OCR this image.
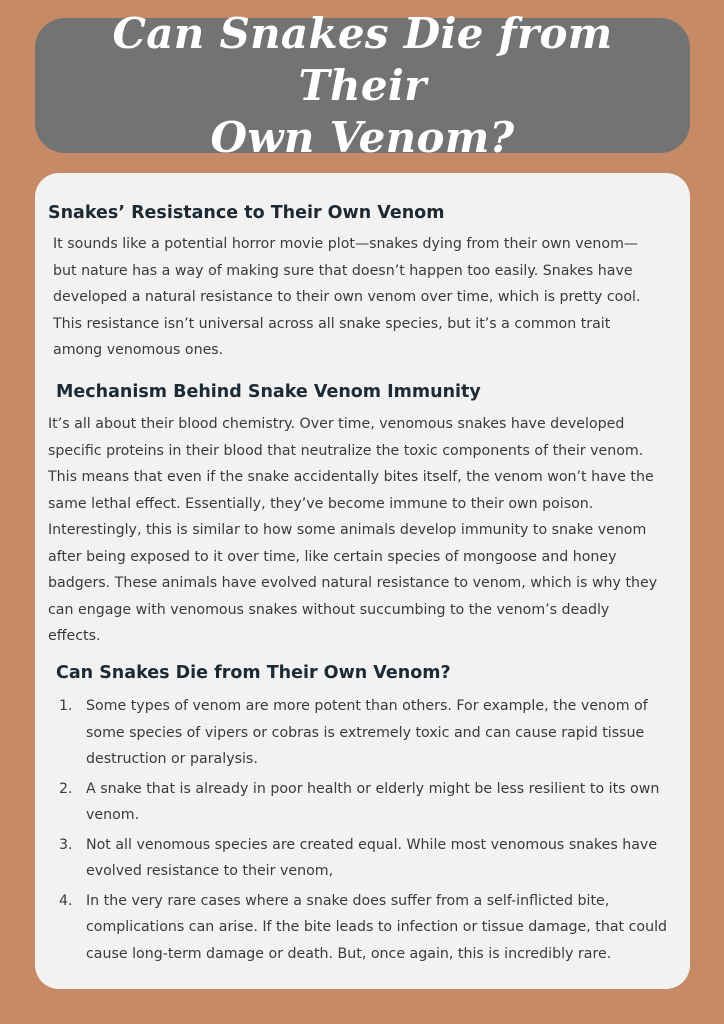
Can Snakes Die from Their
Own Venom?
Snakes’ Resistance to Their Own Venom

It sounds like a potential horror movie plot—snakes dying from their own venom—
but nature has a way of making sure that doesn’t happen too easily. Snakes have
developed a natural resistance to their own venom over time, which is pretty cool.
This resistance isn’t universal across all snake species, but it’s a common trait
among venomous ones.

Mechanism Behind Snake Venom Immunity

It’s all about their blood chemistry. Over time, venomous snakes have developed
specific proteins in their blood that neutralize the toxic components of their venom.
This means that even if the snake accidentally bites itself, the venom won’t have the
same lethal effect. Essentially, they’ve become immune to their own poison.
Interestingly, this is similar to how some animals develop immunity to snake venom
after being exposed to it over time, like certain species of mongoose and honey
badgers. These animals have evolved natural resistance to venom, which is why they
can engage with venomous snakes without succumbing to the venom’s deadly
effects.

Can Snakes Die from Their Own Venom?
1. Some types of venom are more potent than others. For example, the venom of
some species of vipers or cobras is extremely toxic and can cause rapid tissue
destruction or paralysis.
2. A snake that is already in poor health or elderly might be less resilient to its own
venom.
3. Not all venomous species are created equal. While most venomous snakes have
evolved resistance to their venom,
4. In the very rare cases where a snake does suffer from a self-inflicted bite,
complications can arise. If the bite leads to infection or tissue damage, that could
cause long-term damage or death. But, once again, this is incredibly rare.
